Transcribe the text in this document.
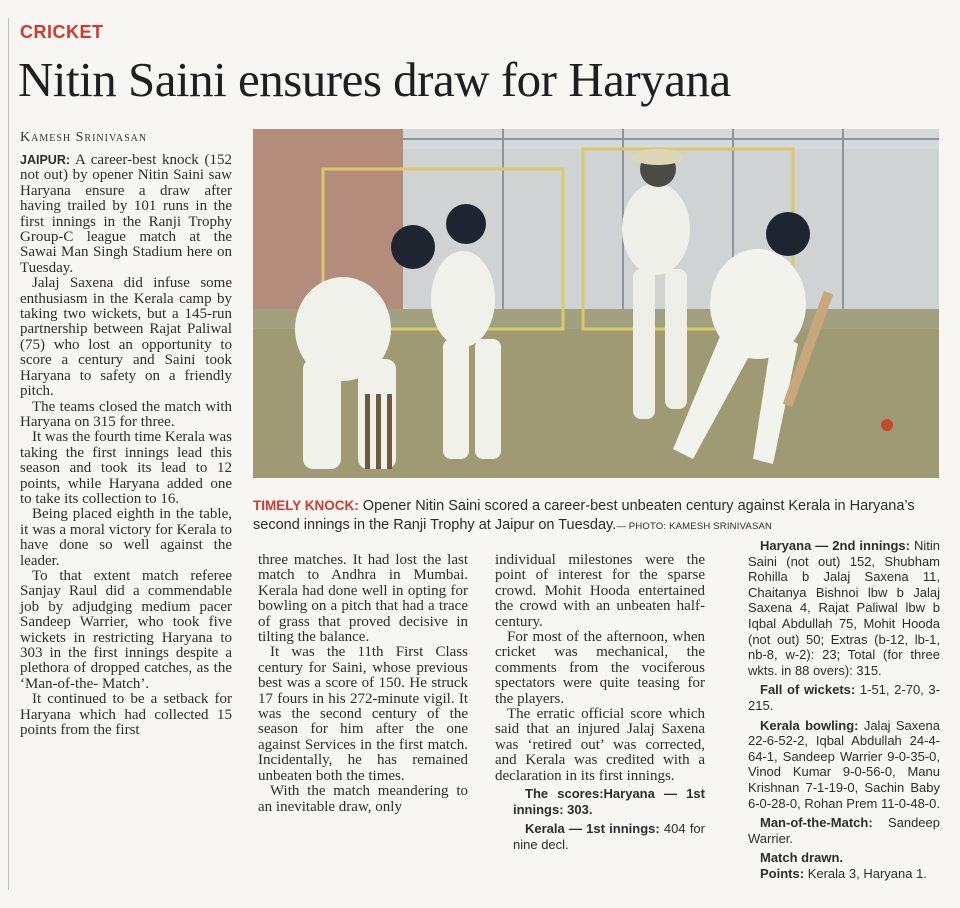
CRICKET
Nitin Saini ensures draw for Haryana
Kamesh Srinivasan

JAIPUR: A career-best knock (152 not out) by opener Nitin Saini saw Haryana ensure a draw after having trailed by 101 runs in the first innings in the Ranji Trophy Group-C league match at the Sawai Man Singh Stadium here on Tuesday.

Jalaj Saxena did infuse some enthusiasm in the Kerala camp by taking two wickets, but a 145-run partnership between Rajat Paliwal (75) who lost an opportunity to score a century and Saini took Haryana to safety on a friendly pitch.

The teams closed the match with Haryana on 315 for three.

It was the fourth time Kerala was taking the first innings lead this season and took its lead to 12 points, while Haryana added one to take its collection to 16.

Being placed eighth in the table, it was a moral victory for Kerala to have done so well against the leader.

To that extent match referee Sanjay Raul did a commendable job by adjudging medium pacer Sandeep Warrier, who took five wickets in restricting Haryana to 303 in the first innings despite a plethora of dropped catches, as the ‘Man-of-the- Match’.

It continued to be a setback for Haryana which had collected 15 points from the first

TIMELY KNOCK: Opener Nitin Saini scored a career-best unbeaten century against Kerala in Haryana’s second innings in the Ranji Trophy at Jaipur on Tuesday.— PHOTO: KAMESH SRINIVASAN

three matches. It had lost the last match to Andhra in Mumbai. Kerala had done well in opting for bowling on a pitch that had a trace of grass that proved decisive in tilting the balance.

It was the 11th First Class century for Saini, whose previous best was a score of 150. He struck 17 fours in his 272-minute vigil. It was the second century of the season for him after the one against Services in the first match. Incidentally, he has remained unbeaten both the times.

With the match meandering to an inevitable draw, only

individual milestones were the point of interest for the sparse crowd. Mohit Hooda entertained the crowd with an unbeaten half-century.

For most of the afternoon, when cricket was mechanical, the comments from the vociferous spectators were quite teasing for the players.

The erratic official score which said that an injured Jalaj Saxena was ‘retired out’ was corrected, and Kerala was credited with a declaration in its first innings.

The scores:Haryana — 1st innings: 303.

Kerala — 1st innings: 404 for nine decl.

Haryana — 2nd innings: Nitin Saini (not out) 152, Shubham Rohilla b Jalaj Saxena 11, Chaitanya Bishnoi lbw b Jalaj Saxena 4, Rajat Paliwal lbw b Iqbal Abdullah 75, Mohit Hooda (not out) 50; Extras (b-12, lb-1, nb-8, w-2): 23; Total (for three wkts. in 88 overs): 315.

Fall of wickets: 1-51, 2-70, 3-215.

Kerala bowling: Jalaj Saxena 22-6-52-2, Iqbal Abdullah 24-4-64-1, Sandeep Warrier 9-0-35-0, Vinod Kumar 9-0-56-0, Manu Krishnan 7-1-19-0, Sachin Baby 6-0-28-0, Rohan Prem 11-0-48-0.

Man-of-the-Match: Sandeep Warrier.

Match drawn.

Points: Kerala 3, Haryana 1.
